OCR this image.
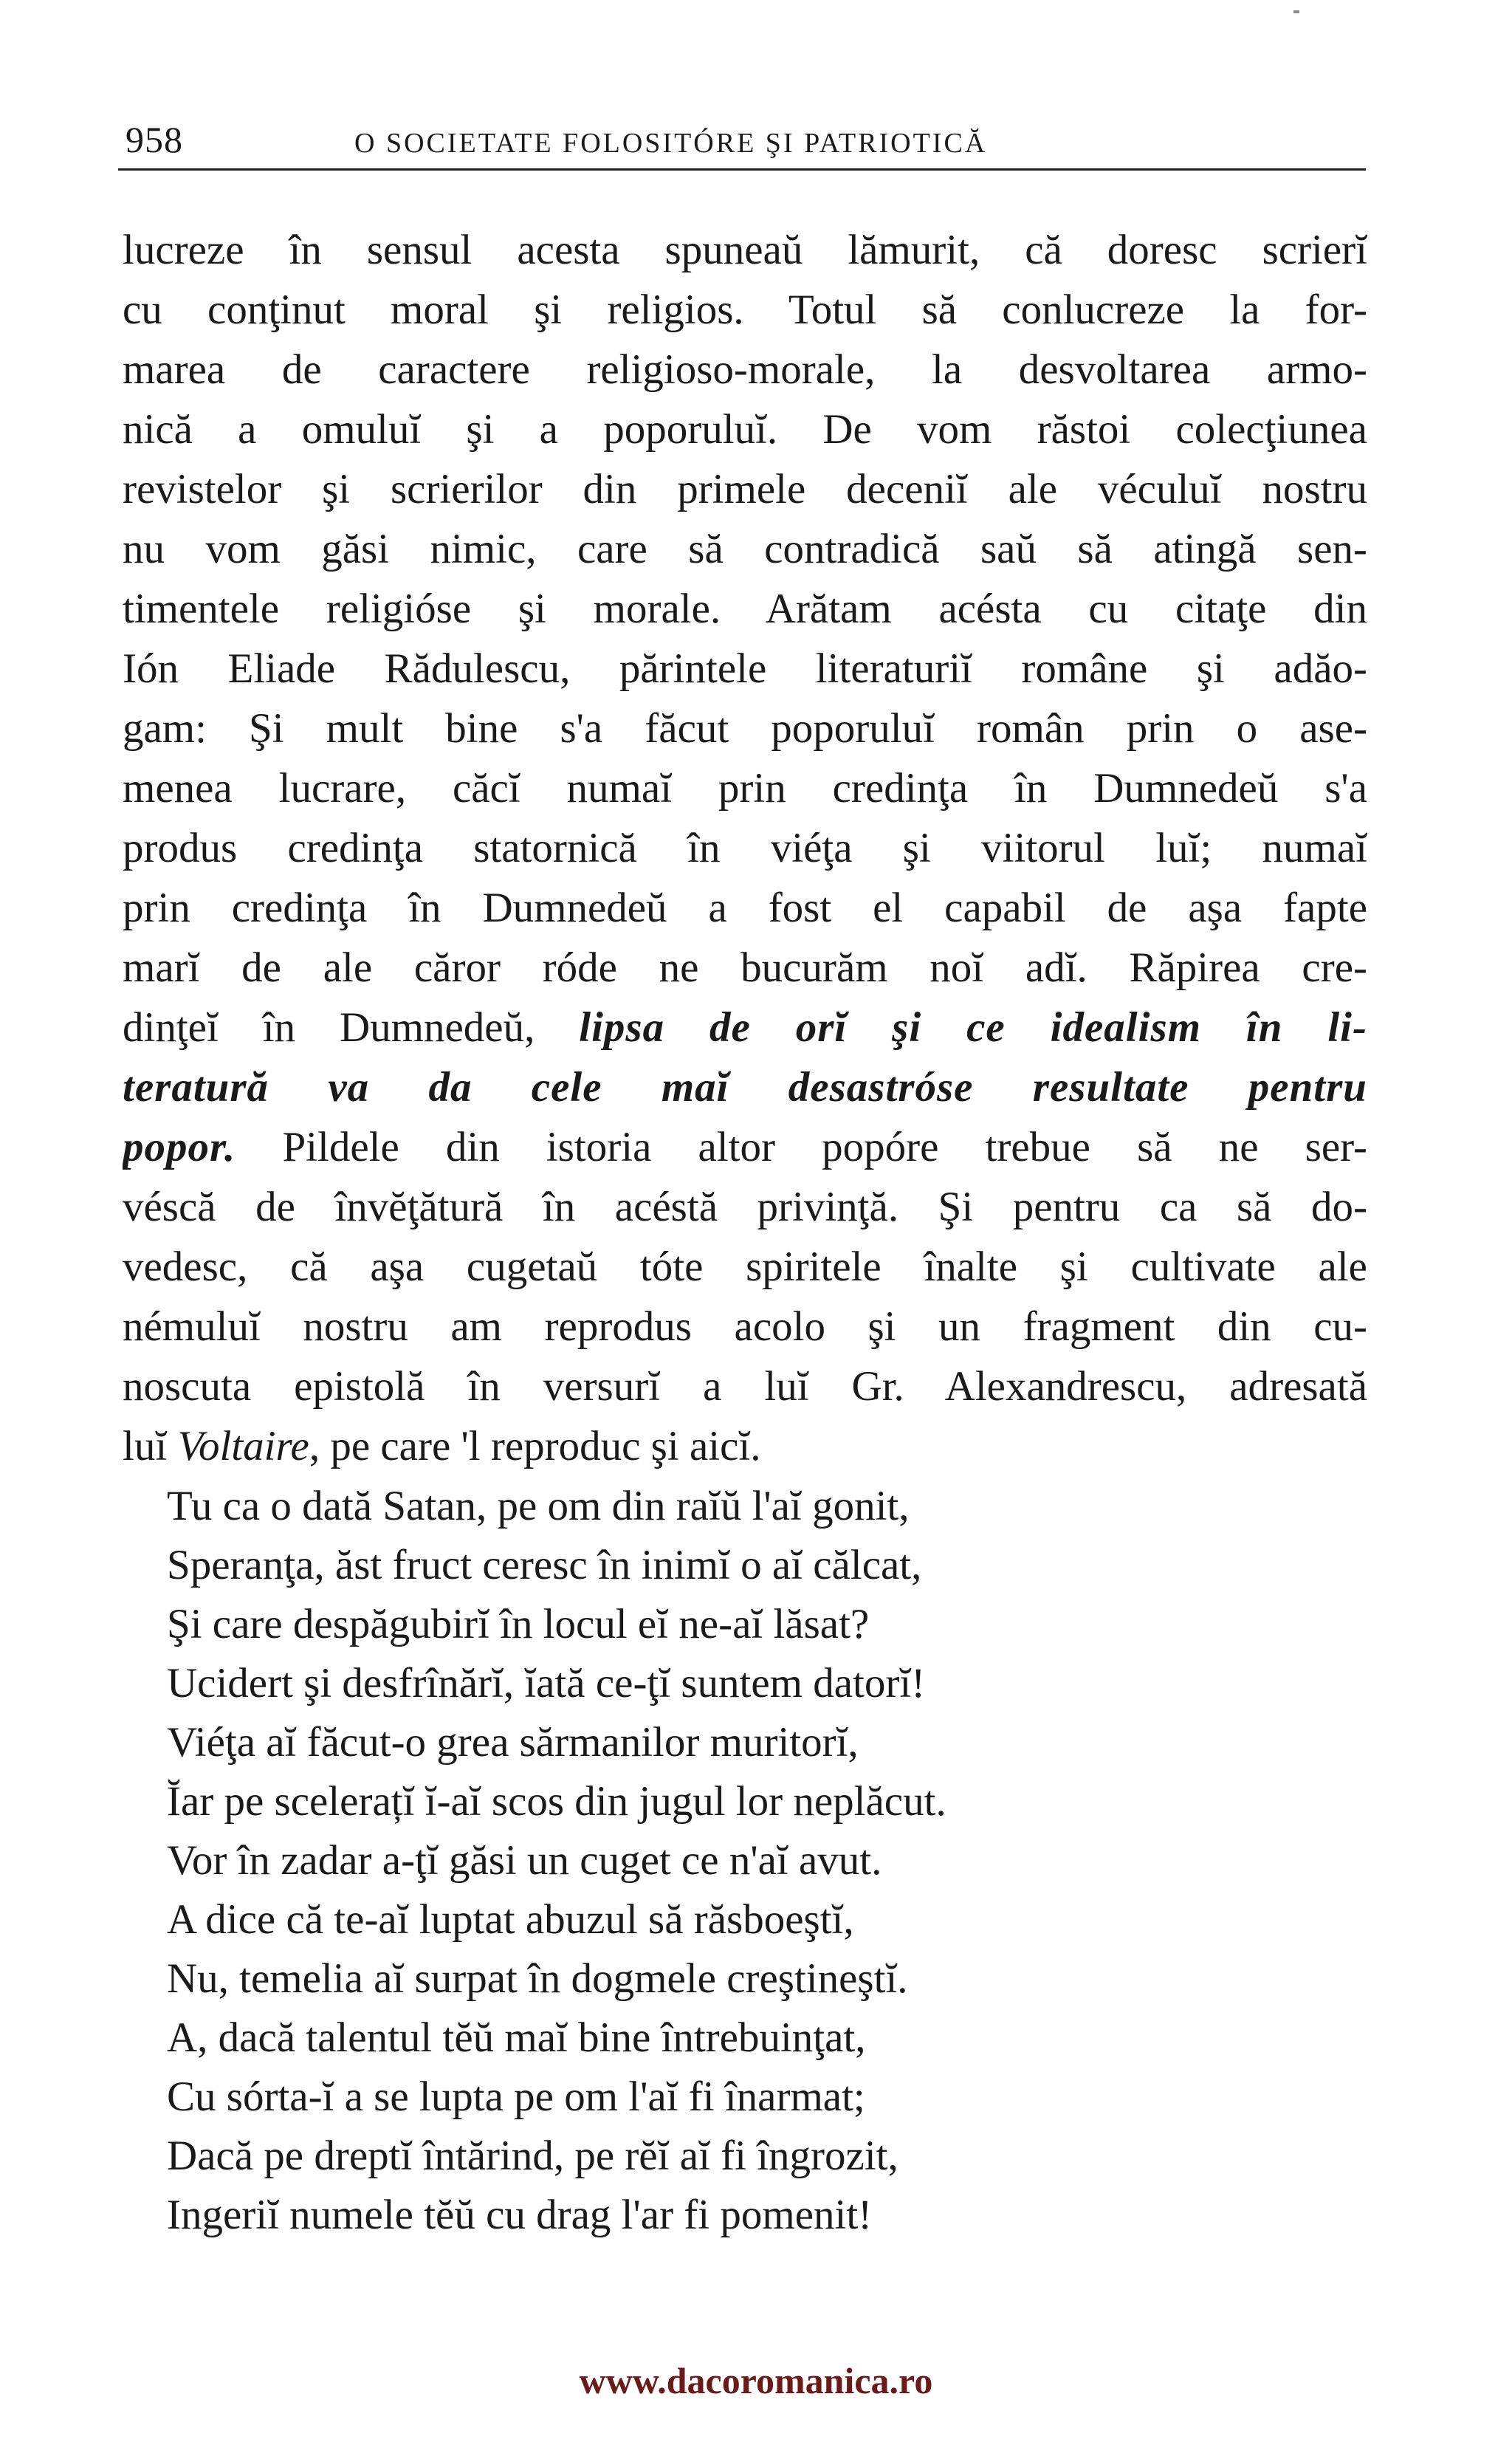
958	O SOCIETATE FOLOSITÓRE ŞI PATRIOTICĂ
lucreze în sensul acesta spuneaŭ lămurit, că doresc scrierĭ
cu conţinut moral şi religios. Totul să conlucreze la for-
marea de caractere religioso-morale, la desvoltarea armo-
nică a omuluĭ şi a poporuluĭ. De vom răstoi colecţiunea
revistelor şi scrierilor din primele deceniĭ ale véculuĭ nostru
nu vom găsi nimic, care să contradică saŭ să atingă sen-
timentele religióse şi morale. Arătam acésta cu citaţe din
Ión Eliade Rădulescu, părintele literaturiĭ române şi adăo-
gam: Şi mult bine s'a făcut poporuluĭ român prin o ase-
menea lucrare, căcĭ numaĭ prin credinţa în Dumnedeŭ s'a
produs credinţa statornică în viéţa şi viitorul luĭ; numaĭ
prin credinţa în Dumnedeŭ a fost el capabil de aşa fapte
marĭ de ale căror róde ne bucurăm noĭ adĭ. Răpirea cre-
dinţeĭ în Dumnedeŭ, lipsa de orĭ şi ce idealism în li-
teratură va da cele maĭ desastróse resultate pentru
popor. Pildele din istoria altor popóre trebue să ne ser-
véscă de învĕţătură în acéstă privinţă. Şi pentru ca să do-
vedesc, că aşa cugetaŭ tóte spiritele înalte şi cultivate ale
némuluĭ nostru am reprodus acolo şi un fragment din cu-
noscuta epistolă în versurĭ a luĭ Gr. Alexandrescu, adresată
luĭ Voltaire, pe care 'l reproduc şi aicĭ.
Tu ca o dată Satan, pe om din raĭŭ l'aĭ gonit,
Speranţa, ăst fruct ceresc în inimĭ o aĭ călcat,
Şi care despăgubirĭ în locul eĭ ne-aĭ lăsat?
Ucidert şi desfrînărĭ, ĭată ce-ţĭ suntem datorĭ!
Viéţa aĭ făcut-o grea sărmanilor muritorĭ,
Ĭar pe scelerațĭ ĭ-aĭ scos din jugul lor neplăcut.
Vor în zadar a-ţĭ găsi un cuget ce n'aĭ avut.
A dice că te-aĭ luptat abuzul să răsboeştĭ,
Nu, temelia aĭ surpat în dogmele creştineştĭ.
A, dacă talentul tĕŭ maĭ bine întrebuinţat,
Cu sórta-ĭ a se lupta pe om l'aĭ fi înarmat;
Dacă pe dreptĭ întărind, pe rĕĭ aĭ fi îngrozit,
Ingeriĭ numele tĕŭ cu drag l'ar fi pomenit!
www.dacoromanica.ro
